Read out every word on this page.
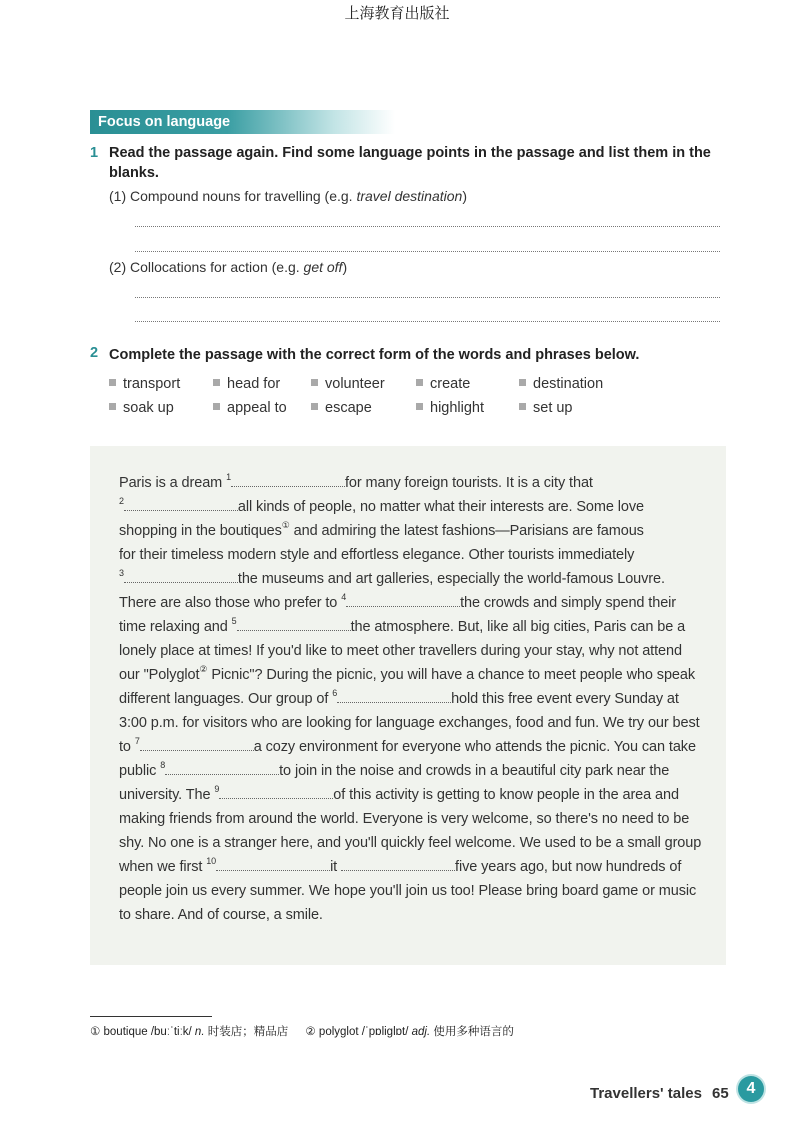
上海教育出版社
Focus on language
1 Read the passage again. Find some language points in the passage and list them in the blanks.
(1) Compound nouns for travelling (e.g. travel destination)
(2) Collocations for action (e.g. get off)
2 Complete the passage with the correct form of the words and phrases below.
transport	head for	volunteer	create	destination
soak up	appeal to	escape	highlight	set up
Paris is a dream $^1$	for many foreign tourists. It is a city that
$^2$	all kinds of people, no matter what their interests are. Some love
shopping in the boutiques① and admiring the latest fashions—Parisians are famous
for their timeless modern style and effortless elegance. Other tourists immediately
$^3$	the museums and art galleries, especially the world-famous Louvre.
There are also those who prefer to $^4$	the crowds and simply spend their
time relaxing and $^5$	the atmosphere. But, like all big cities, Paris can be a
lonely place at times! If you'd like to meet other travellers during your stay, why not attend
our "Polyglot② Picnic"? During the picnic, you will have a chance to meet people who speak
different languages. Our group of $^6$	hold this free event every Sunday at
3:00 p.m. for visitors who are looking for language exchanges, food and fun. We try our best
to $^7$	a cozy environment for everyone who attends the picnic. You can take
public $^8$	to join in the noise and crowds in a beautiful city park near the
university. The $^9$	of this activity is getting to know people in the area and
making friends from around the world. Everyone is very welcome, so there's no need to be
shy. No one is a stranger here, and you'll quickly feel welcome. We used to be a small group
when we first $^{10}$	it	five years ago, but now hundreds of
people join us every summer. We hope you'll join us too! Please bring board game or music
to share. And of course, a smile.
① boutique /buːˈtiːk/ n. 时装店；精品店 ② polyglot /ˈpɒliglɒt/ adj. 使用多种语言的
Travellers' tales 65	4
